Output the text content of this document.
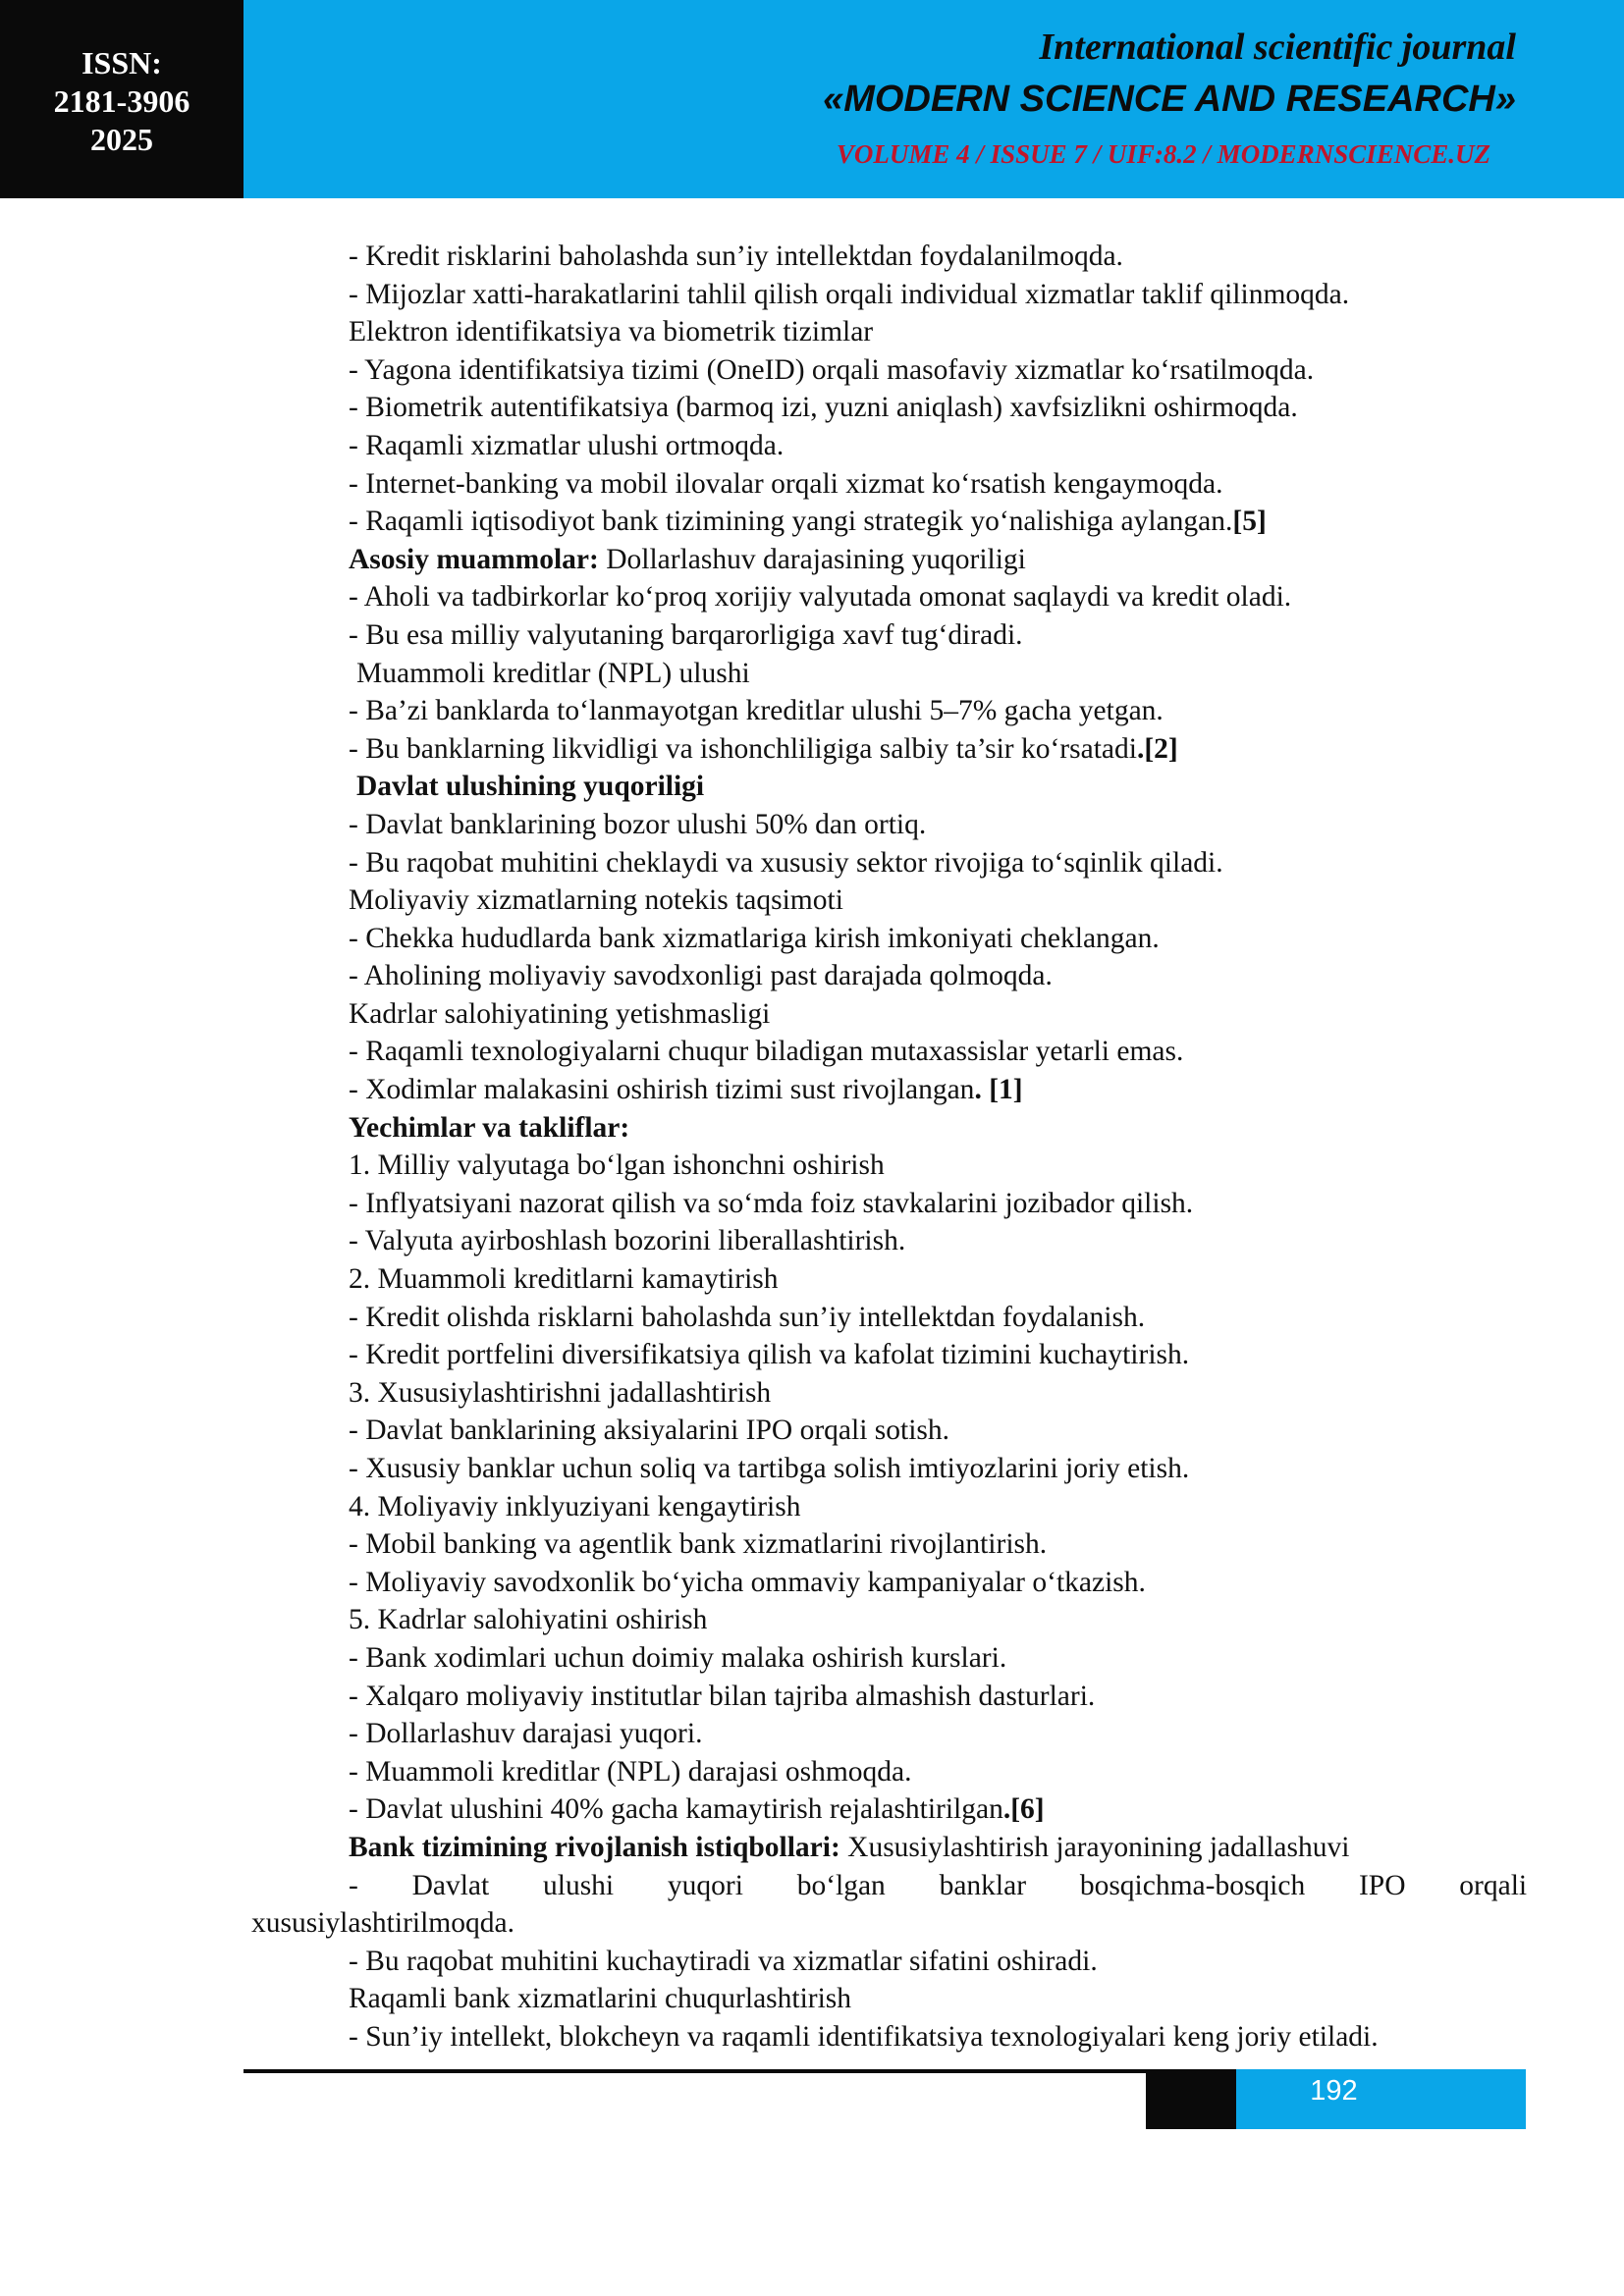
ISSN:
2181-3906
2025
International scientific journal
«MODERN SCIENCE AND RESEARCH»
VOLUME 4 / ISSUE 7 / UIF:8.2 / MODERNSCIENCE.UZ
- Kredit risklarini baholashda sun’iy intellektdan foydalanilmoqda.
- Mijozlar xatti-harakatlarini tahlil qilish orqali individual xizmatlar taklif qilinmoqda.
Elektron identifikatsiya va biometrik tizimlar
- Yagona identifikatsiya tizimi (OneID) orqali masofaviy xizmatlar ko‘rsatilmoqda.
- Biometrik autentifikatsiya (barmoq izi, yuzni aniqlash) xavfsizlikni oshirmoqda.
- Raqamli xizmatlar ulushi ortmoqda.
- Internet-banking va mobil ilovalar orqali xizmat ko‘rsatish kengaymoqda.
- Raqamli iqtisodiyot bank tizimining yangi strategik yo‘nalishiga aylangan.[5]
Asosiy muammolar: Dollarlashuv darajasining yuqoriligi
- Aholi va tadbirkorlar ko‘proq xorijiy valyutada omonat saqlaydi va kredit oladi.
- Bu esa milliy valyutaning barqarorligiga xavf tug‘diradi.
Muammoli kreditlar (NPL) ulushi
- Ba’zi banklarda to‘lanmayotgan kreditlar ulushi 5–7% gacha yetgan.
- Bu banklarning likvidligi va ishonchliligiga salbiy ta’sir ko‘rsatadi.[2]
Davlat ulushining yuqoriligi
- Davlat banklarining bozor ulushi 50% dan ortiq.
- Bu raqobat muhitini cheklaydi va xususiy sektor rivojiga to‘sqinlik qiladi.
Moliyaviy xizmatlarning notekis taqsimoti
- Chekka hududlarda bank xizmatlariga kirish imkoniyati cheklangan.
- Aholining moliyaviy savodxonligi past darajada qolmoqda.
Kadrlar salohiyatining yetishmasligi
- Raqamli texnologiyalarni chuqur biladigan mutaxassislar yetarli emas.
- Xodimlar malakasini oshirish tizimi sust rivojlangan. [1]
Yechimlar va takliflar:
1. Milliy valyutaga bo‘lgan ishonchni oshirish
- Inflyatsiyani nazorat qilish va so‘mda foiz stavkalarini jozibador qilish.
- Valyuta ayirboshlash bozorini liberallashtirish.
2. Muammoli kreditlarni kamaytirish
- Kredit olishda risklarni baholashda sun’iy intellektdan foydalanish.
- Kredit portfelini diversifikatsiya qilish va kafolat tizimini kuchaytirish.
3. Xususiylashtirishni jadallashtirish
- Davlat banklarining aksiyalarini IPO orqali sotish.
- Xususiy banklar uchun soliq va tartibga solish imtiyozlarini joriy etish.
4. Moliyaviy inklyuziyani kengaytirish
- Mobil banking va agentlik bank xizmatlarini rivojlantirish.
- Moliyaviy savodxonlik bo‘yicha ommaviy kampaniyalar o‘tkazish.
5. Kadrlar salohiyatini oshirish
- Bank xodimlari uchun doimiy malaka oshirish kurslari.
- Xalqaro moliyaviy institutlar bilan tajriba almashish dasturlari.
- Dollarlashuv darajasi yuqori.
- Muammoli kreditlar (NPL) darajasi oshmoqda.
- Davlat ulushini 40% gacha kamaytirish rejalashtirilgan.[6]
Bank tizimining rivojlanish istiqbollari: Xususiylashtirish jarayonining jadallashuvi
- Davlat ulushi yuqori bo‘lgan banklar bosqichma-bosqich IPO orqali
xususiylashtirilmoqda.
- Bu raqobat muhitini kuchaytiradi va xizmatlar sifatini oshiradi.
Raqamli bank xizmatlarini chuqurlashtirish
- Sun’iy intellekt, blokcheyn va raqamli identifikatsiya texnologiyalari keng joriy etiladi.
192
